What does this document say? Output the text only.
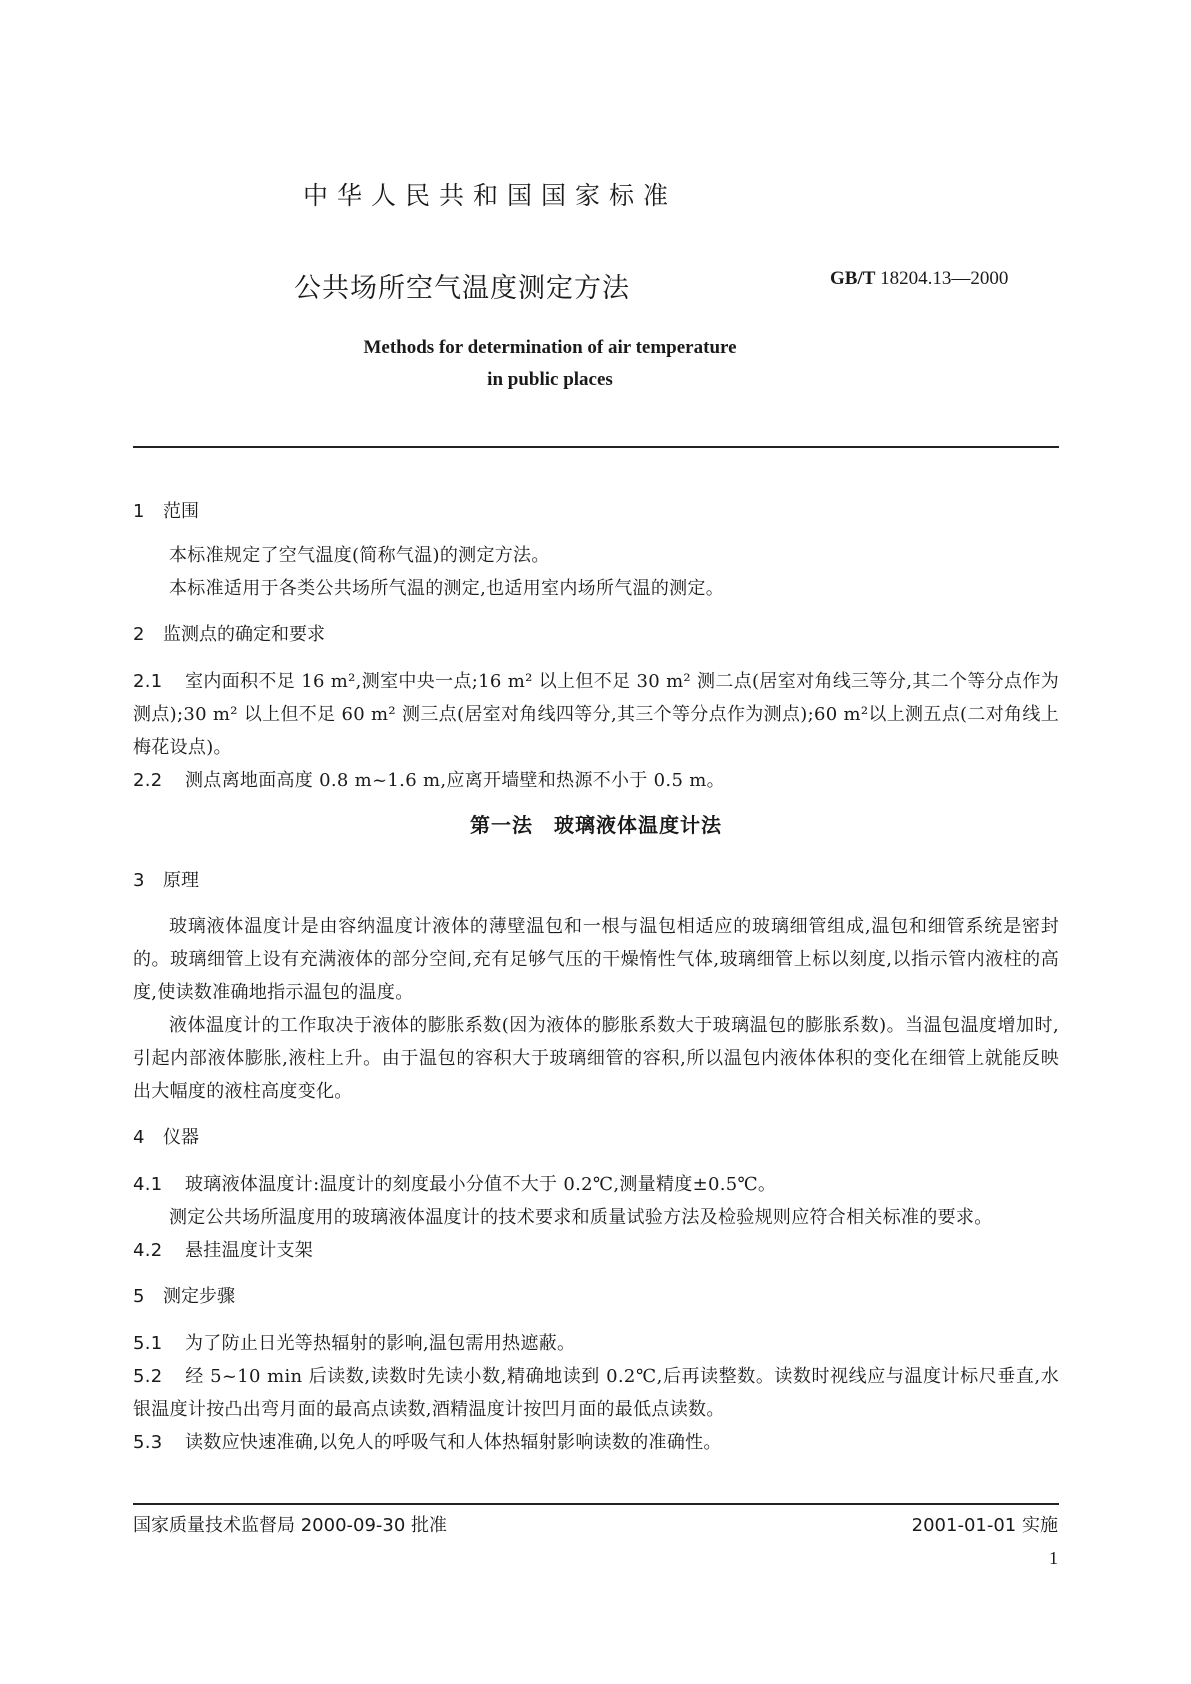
中华人民共和国国家标准
公共场所空气温度测定方法	GB/T 18204.13—2000
Methods for determination of air temperature
in public places

1 范围

本标准规定了空气温度(简称气温)的测定方法。

本标准适用于各类公共场所气温的测定,也适用室内场所气温的测定。

2 监测点的确定和要求

2.1 室内面积不足 16 m²,测室中央一点;16 m² 以上但不足 30 m² 测二点(居室对角线三等分,其二个等分点作为测点);30 m² 以上但不足 60 m² 测三点(居室对角线四等分,其三个等分点作为测点);60 m²以上测五点(二对角线上梅花设点)。

2.2 测点离地面高度 0.8 m~1.6 m,应离开墙壁和热源不小于 0.5 m。

第一法　玻璃液体温度计法

3 原理

玻璃液体温度计是由容纳温度计液体的薄壁温包和一根与温包相适应的玻璃细管组成,温包和细管系统是密封的。玻璃细管上设有充满液体的部分空间,充有足够气压的干燥惰性气体,玻璃细管上标以刻度,以指示管内液柱的高度,使读数准确地指示温包的温度。

液体温度计的工作取决于液体的膨胀系数(因为液体的膨胀系数大于玻璃温包的膨胀系数)。当温包温度增加时,引起内部液体膨胀,液柱上升。由于温包的容积大于玻璃细管的容积,所以温包内液体体积的变化在细管上就能反映出大幅度的液柱高度变化。

4 仪器

4.1 玻璃液体温度计:温度计的刻度最小分值不大于 0.2℃,测量精度±0.5℃。

测定公共场所温度用的玻璃液体温度计的技术要求和质量试验方法及检验规则应符合相关标准的要求。

4.2 悬挂温度计支架

5 测定步骤

5.1 为了防止日光等热辐射的影响,温包需用热遮蔽。

5.2 经 5~10 min 后读数,读数时先读小数,精确地读到 0.2℃,后再读整数。读数时视线应与温度计标尺垂直,水银温度计按凸出弯月面的最高点读数,酒精温度计按凹月面的最低点读数。

5.3 读数应快速准确,以免人的呼吸气和人体热辐射影响读数的准确性。

国家质量技术监督局 2000-09-30 批准	2001-01-01 实施
1
